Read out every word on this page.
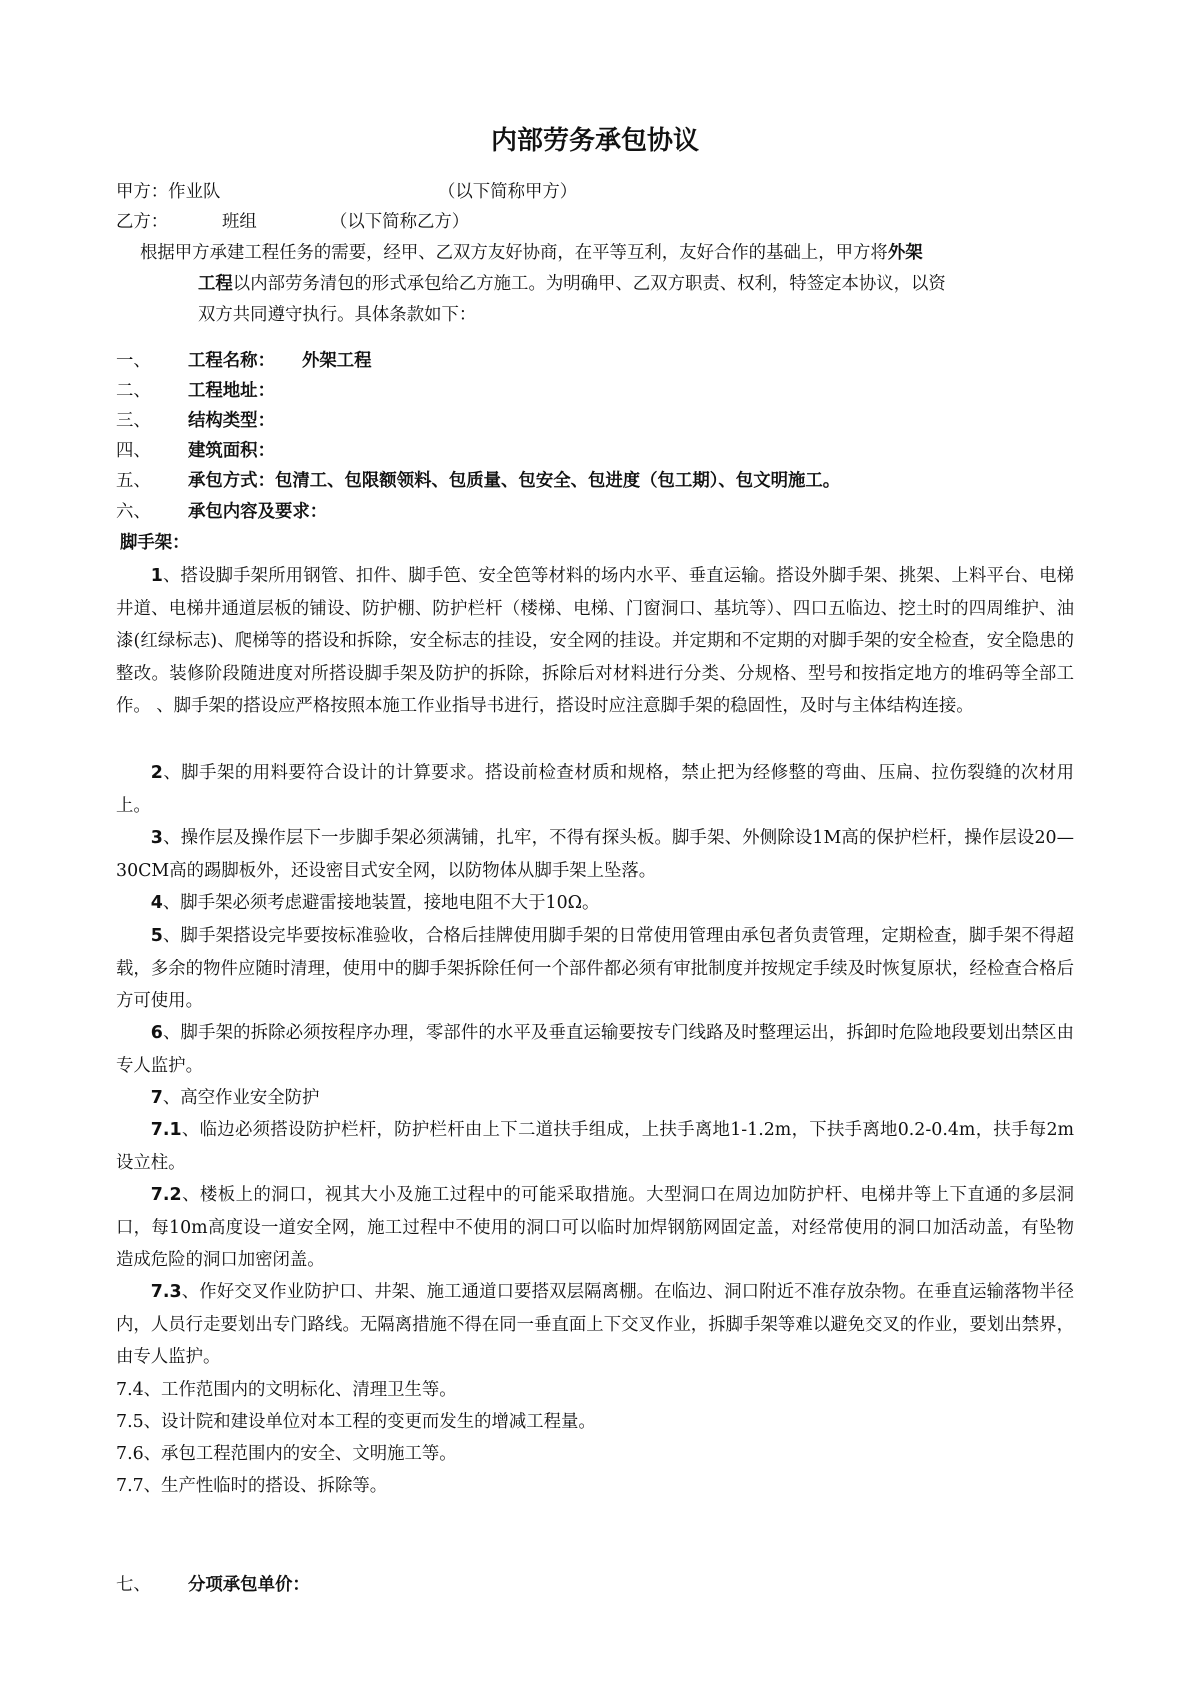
内部劳务承包协议
甲方：作业队	（以下简称甲方）
乙方：	班组	（以下简称乙方）
根据甲方承建工程任务的需要，经甲、乙双方友好协商，在平等互利，友好合作的基础上，甲方将外架
工程以内部劳务清包的形式承包给乙方施工。为明确甲、乙双方职责、权利，特签定本协议，以资
双方共同遵守执行。具体条款如下：
一、 工程名称： 外架工程
二、 工程地址：
三、 结构类型：
四、 建筑面积：
五、 承包方式：包清工、包限额领料、包质量、包安全、包进度（包工期）、包文明施工。
六、 承包内容及要求：
脚手架：
1、搭设脚手架所用钢管、扣件、脚手笆、安全笆等材料的场内水平、垂直运输。搭设外脚手架、挑架、上料平台、电梯井道、电梯井通道层板的铺设、防护棚、防护栏杆（楼梯、电梯、门窗洞口、基坑等）、四口五临边、挖土时的四周维护、油漆(红绿标志)、爬梯等的搭设和拆除，安全标志的挂设，安全网的挂设。并定期和不定期的对脚手架的安全检查，安全隐患的整改。装修阶段随进度对所搭设脚手架及防护的拆除，拆除后对材料进行分类、分规格、型号和按指定地方的堆码等全部工作。 、脚手架的搭设应严格按照本施工作业指导书进行，搭设时应注意脚手架的稳固性，及时与主体结构连接。
2、脚手架的用料要符合设计的计算要求。搭设前检查材质和规格，禁止把为经修整的弯曲、压扁、拉伤裂缝的次材用上。
3、操作层及操作层下一步脚手架必须满铺，扎牢，不得有探头板。脚手架、外侧除设1M高的保护栏杆，操作层设20—30CM高的踢脚板外，还设密目式安全网，以防物体从脚手架上坠落。
4、脚手架必须考虑避雷接地装置，接地电阻不大于10Ω。
5、脚手架搭设完毕要按标准验收，合格后挂牌使用脚手架的日常使用管理由承包者负责管理，定期检查，脚手架不得超载，多余的物件应随时清理，使用中的脚手架拆除任何一个部件都必须有审批制度并按规定手续及时恢复原状，经检查合格后方可使用。
6、脚手架的拆除必须按程序办理，零部件的水平及垂直运输要按专门线路及时整理运出，拆卸时危险地段要划出禁区由专人监护。
7、高空作业安全防护
7.1、临边必须搭设防护栏杆，防护栏杆由上下二道扶手组成，上扶手离地1-1.2m，下扶手离地0.2-0.4m，扶手每2m设立柱。
7.2、楼板上的洞口，视其大小及施工过程中的可能采取措施。大型洞口在周边加防护杆、电梯井等上下直通的多层洞口，每10m高度设一道安全网，施工过程中不使用的洞口可以临时加焊钢筋网固定盖，对经常使用的洞口加活动盖，有坠物造成危险的洞口加密闭盖。
7.3、作好交叉作业防护口、井架、施工通道口要搭双层隔离棚。在临边、洞口附近不准存放杂物。在垂直运输落物半径内，人员行走要划出专门路线。无隔离措施不得在同一垂直面上下交叉作业，拆脚手架等难以避免交叉的作业，要划出禁界，由专人监护。
7.4、工作范围内的文明标化、清理卫生等。
7.5、设计院和建设单位对本工程的变更而发生的增减工程量。
7.6、承包工程范围内的安全、文明施工等。
7.7、生产性临时的搭设、拆除等。
七、 分项承包单价：
